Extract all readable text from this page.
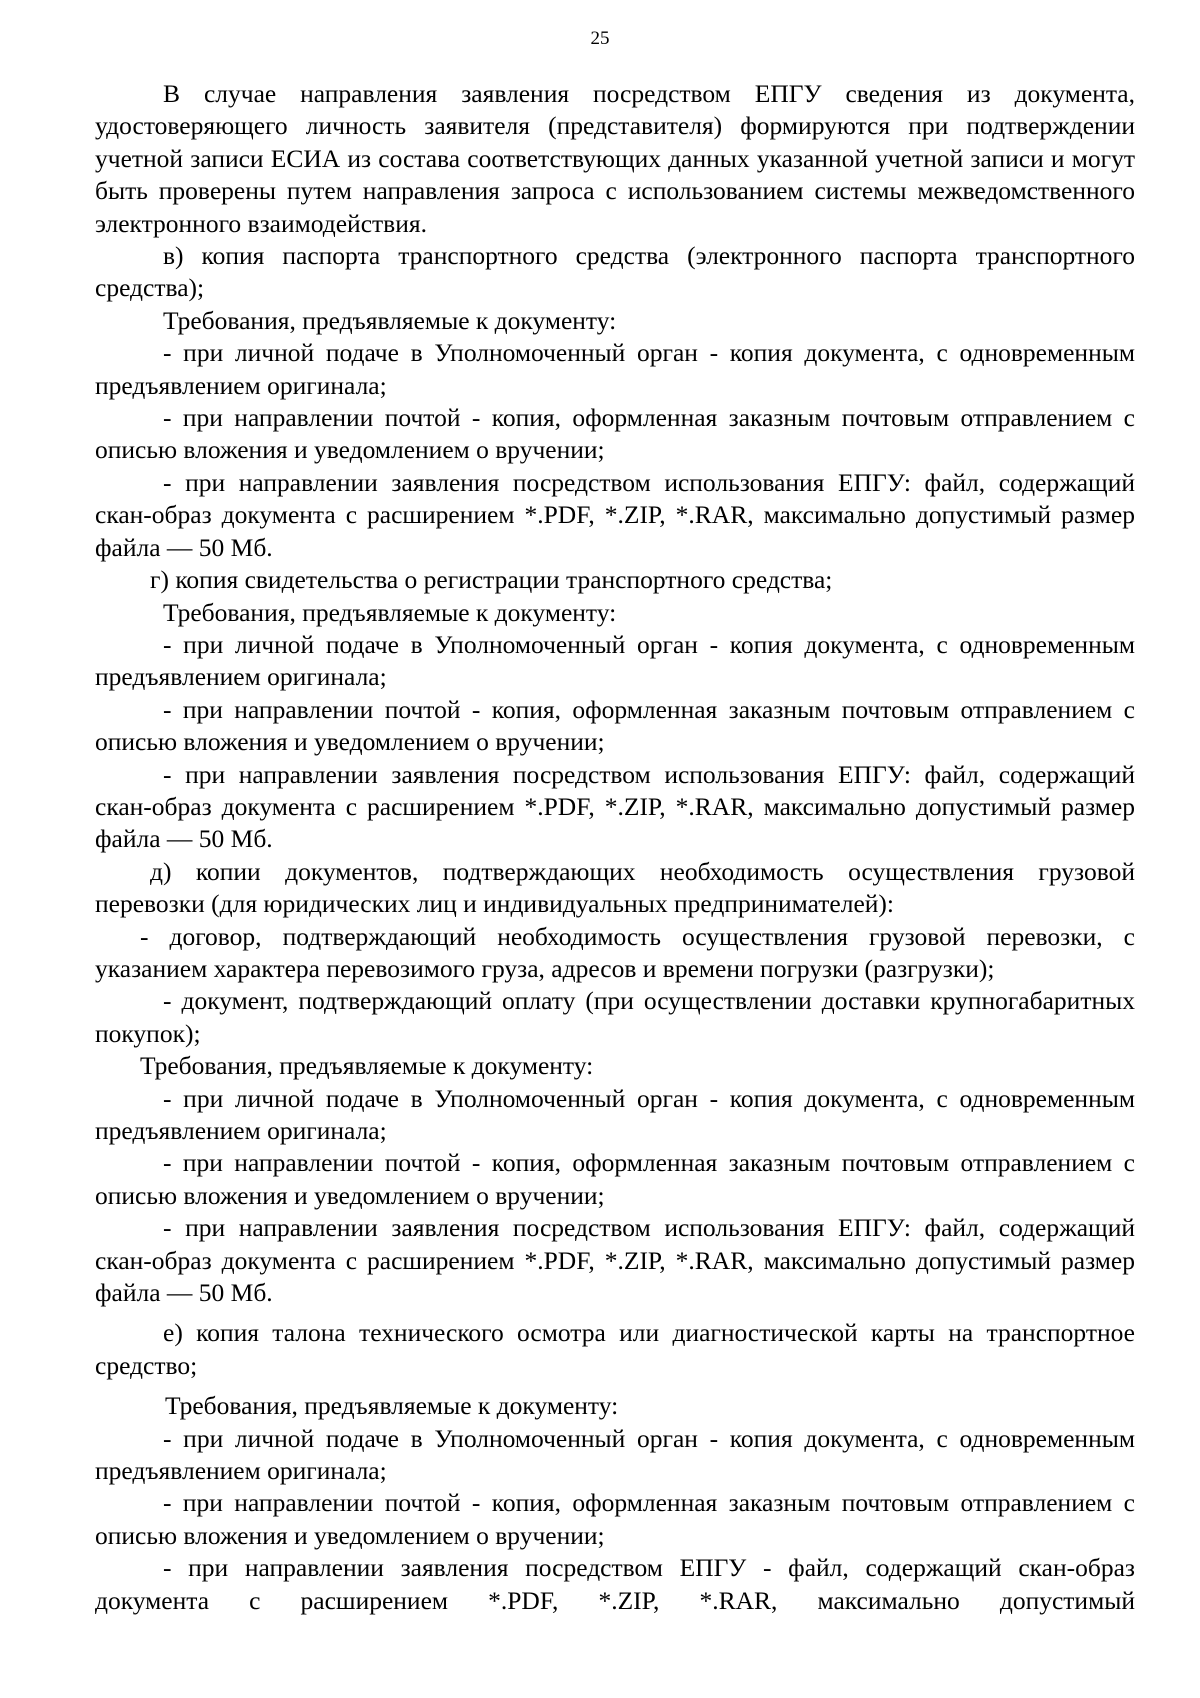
25

В случае направления заявления посредством ЕПГУ сведения из документа, удостоверяющего личность заявителя (представителя) формируются при подтверждении учетной записи ЕСИА из состава соответствующих данных указанной учетной записи и могут быть проверены путем направления запроса с использованием системы межведомственного электронного взаимодействия.

в) копия паспорта транспортного средства (электронного паспорта транспортного средства);

Требования, предъявляемые к документу:

- при личной подаче в Уполномоченный орган - копия документа, с одновременным предъявлением оригинала;

- при направлении почтой - копия, оформленная заказным почтовым отправлением с описью вложения и уведомлением о вручении;

- при направлении заявления посредством использования ЕПГУ: файл, содержащий скан-образ документа с расширением *.PDF, *.ZIP, *.RAR, максимально допустимый размер файла — 50 Мб.

г) копия свидетельства о регистрации транспортного средства;

Требования, предъявляемые к документу:

- при личной подаче в Уполномоченный орган - копия документа, с одновременным предъявлением оригинала;

- при направлении почтой - копия, оформленная заказным почтовым отправлением с описью вложения и уведомлением о вручении;

- при направлении заявления посредством использования ЕПГУ: файл, содержащий скан-образ документа с расширением *.PDF, *.ZIP, *.RAR, максимально допустимый размер файла — 50 Мб.

д) копии документов, подтверждающих необходимость осуществления грузовой перевозки (для юридических лиц и индивидуальных предпринимателей):

- договор, подтверждающий необходимость осуществления грузовой перевозки, с указанием характера перевозимого груза, адресов и времени погрузки (разгрузки);

- документ, подтверждающий оплату (при осуществлении доставки крупногабаритных покупок);

Требования, предъявляемые к документу:

- при личной подаче в Уполномоченный орган - копия документа, с одновременным предъявлением оригинала;

- при направлении почтой - копия, оформленная заказным почтовым отправлением с описью вложения и уведомлением о вручении;

- при направлении заявления посредством использования ЕПГУ: файл, содержащий скан-образ документа с расширением *.PDF, *.ZIP, *.RAR, максимально допустимый размер файла — 50 Мб.

е) копия талона технического осмотра или диагностической карты на транспортное средство;

Требования, предъявляемые к документу:

- при личной подаче в Уполномоченный орган - копия документа, с одновременным предъявлением оригинала;

- при направлении почтой - копия, оформленная заказным почтовым отправлением с описью вложения и уведомлением о вручении;

- при направлении заявления посредством ЕПГУ - файл, содержащий скан-образ документа с расширением *.PDF, *.ZIP, *.RAR, максимально допустимый
